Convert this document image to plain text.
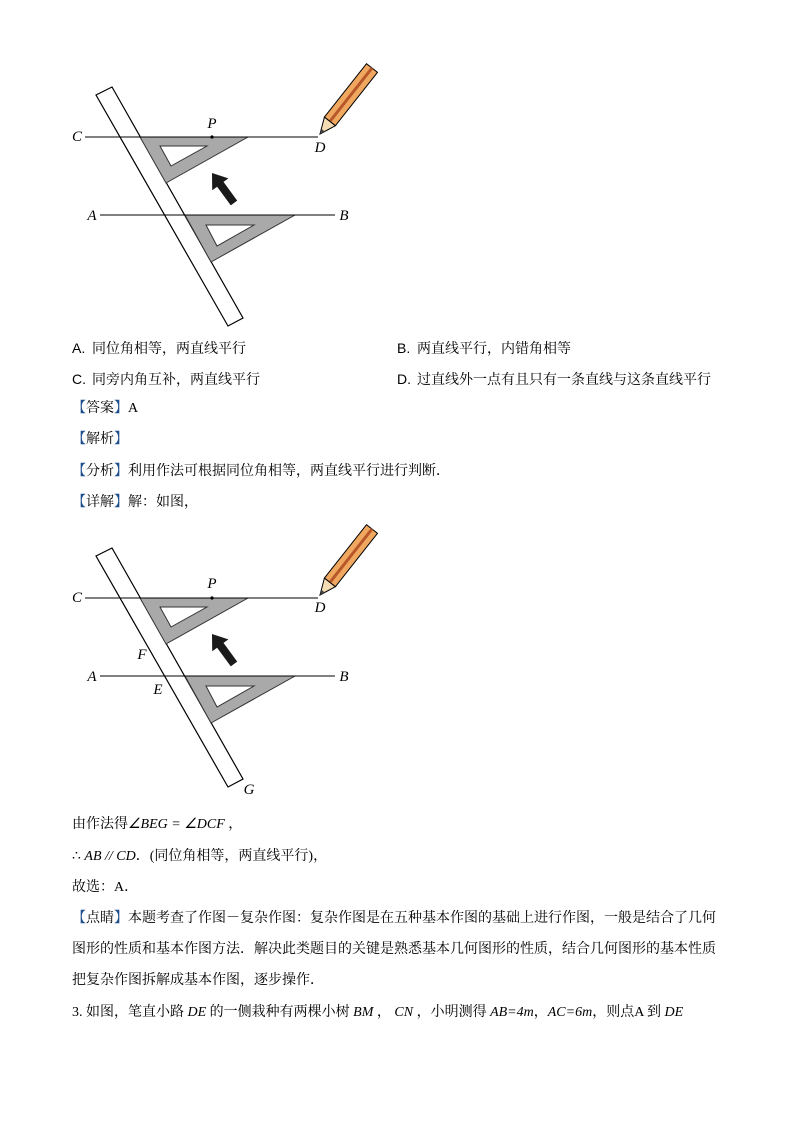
C
P
D
A	B
A. 同位角相等，两直线平行	B. 两直线平行，内错角相等
C. 同旁内角互补，两直线平行	D. 过直线外一点有且只有一条直线与这条直线平行
【答案】A
【解析】
【分析】利用作法可根据同位角相等，两直线平行进行判断．
【详解】解：如图，
C
P
D
F
A
E
B
G
由作法得∠BEG = ∠DCF ，
∴ AB // CD．(同位角相等，两直线平行)，
故选：A．
【点睛】本题考查了作图－复杂作图：复杂作图是在五种基本作图的基础上进行作图，一般是结合了几何
图形的性质和基本作图方法．解决此类题目的关键是熟悉基本几何图形的性质，结合几何图形的基本性质
把复杂作图拆解成基本作图，逐步操作．
3. 如图，笔直小路 DE 的一侧栽种有两棵小树 BM ， CN ，小明测得 AB=4m，AC=6m，则点A 到 DE
